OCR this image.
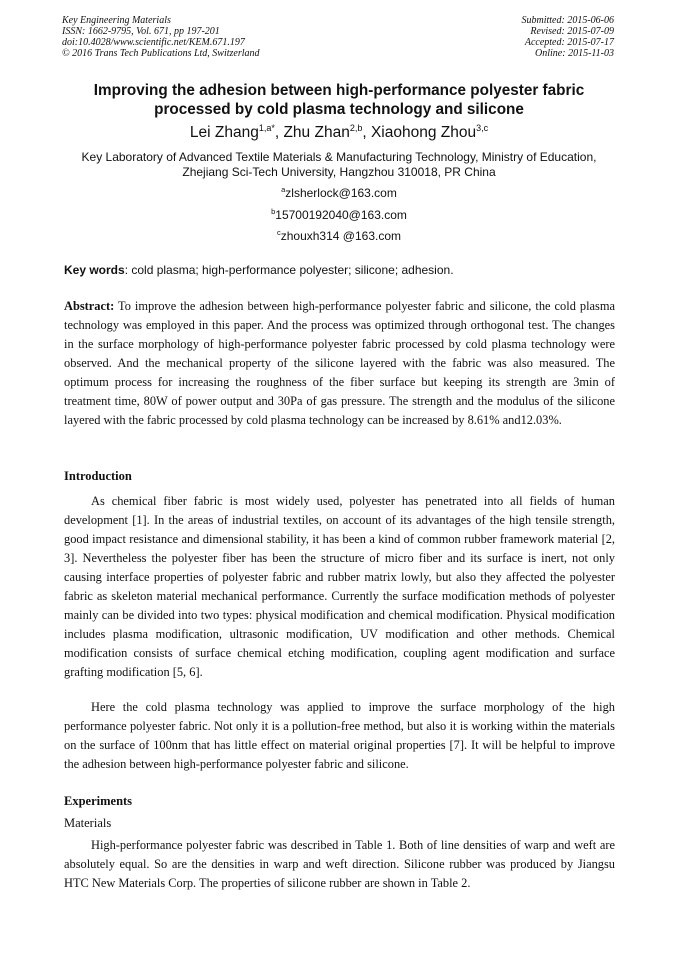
Key Engineering Materials
ISSN: 1662-9795, Vol. 671, pp 197-201
doi:10.4028/www.scientific.net/KEM.671.197
© 2016 Trans Tech Publications Ltd, Switzerland
Submitted: 2015-06-06
Revised: 2015-07-09
Accepted: 2015-07-17
Online: 2015-11-03
Improving the adhesion between high-performance polyester fabric
processed by cold plasma technology and silicone
Lei Zhang$^{1,a*}$, Zhu Zhan$^{2,b}$, Xiaohong Zhou$^{3,c}$
Key Laboratory of Advanced Textile Materials & Manufacturing Technology, Ministry of Education,
Zhejiang Sci-Tech University, Hangzhou 310018, PR China
$^a$zlsherlock@163.com
$^b$15700192040@163.com
$^c$zhouxh314 @163.com
Key words: cold plasma; high-performance polyester; silicone; adhesion.
Abstract: To improve the adhesion between high-performance polyester fabric and silicone, the cold plasma technology was employed in this paper. And the process was optimized through orthogonal test. The changes in the surface morphology of high-performance polyester fabric processed by cold plasma technology were observed. And the mechanical property of the silicone layered with the fabric was also measured. The optimum process for increasing the roughness of the fiber surface but keeping its strength are 3min of treatment time, 80W of power output and 30Pa of gas pressure. The strength and the modulus of the silicone layered with the fabric processed by cold plasma technology can be increased by 8.61% and12.03%.
Introduction
As chemical fiber fabric is most widely used, polyester has penetrated into all fields of human development [1]. In the areas of industrial textiles, on account of its advantages of the high tensile strength, good impact resistance and dimensional stability, it has been a kind of common rubber framework material [2, 3]. Nevertheless the polyester fiber has been the structure of micro fiber and its surface is inert, not only causing interface properties of polyester fabric and rubber matrix lowly, but also they affected the polyester fabric as skeleton material mechanical performance. Currently the surface modification methods of polyester mainly can be divided into two types: physical modification and chemical modification. Physical modification includes plasma modification, ultrasonic modification, UV modification and other methods. Chemical modification consists of surface chemical etching modification, coupling agent modification and surface grafting modification [5, 6].
Here the cold plasma technology was applied to improve the surface morphology of the high performance polyester fabric. Not only it is a pollution-free method, but also it is working within the materials on the surface of 100nm that has little effect on material original properties [7]. It will be helpful to improve the adhesion between high-performance polyester fabric and silicone.
Experiments
Materials
High-performance polyester fabric was described in Table 1. Both of line densities of warp and weft are absolutely equal. So are the densities in warp and weft direction. Silicone rubber was produced by Jiangsu HTC New Materials Corp. The properties of silicone rubber are shown in Table 2.
